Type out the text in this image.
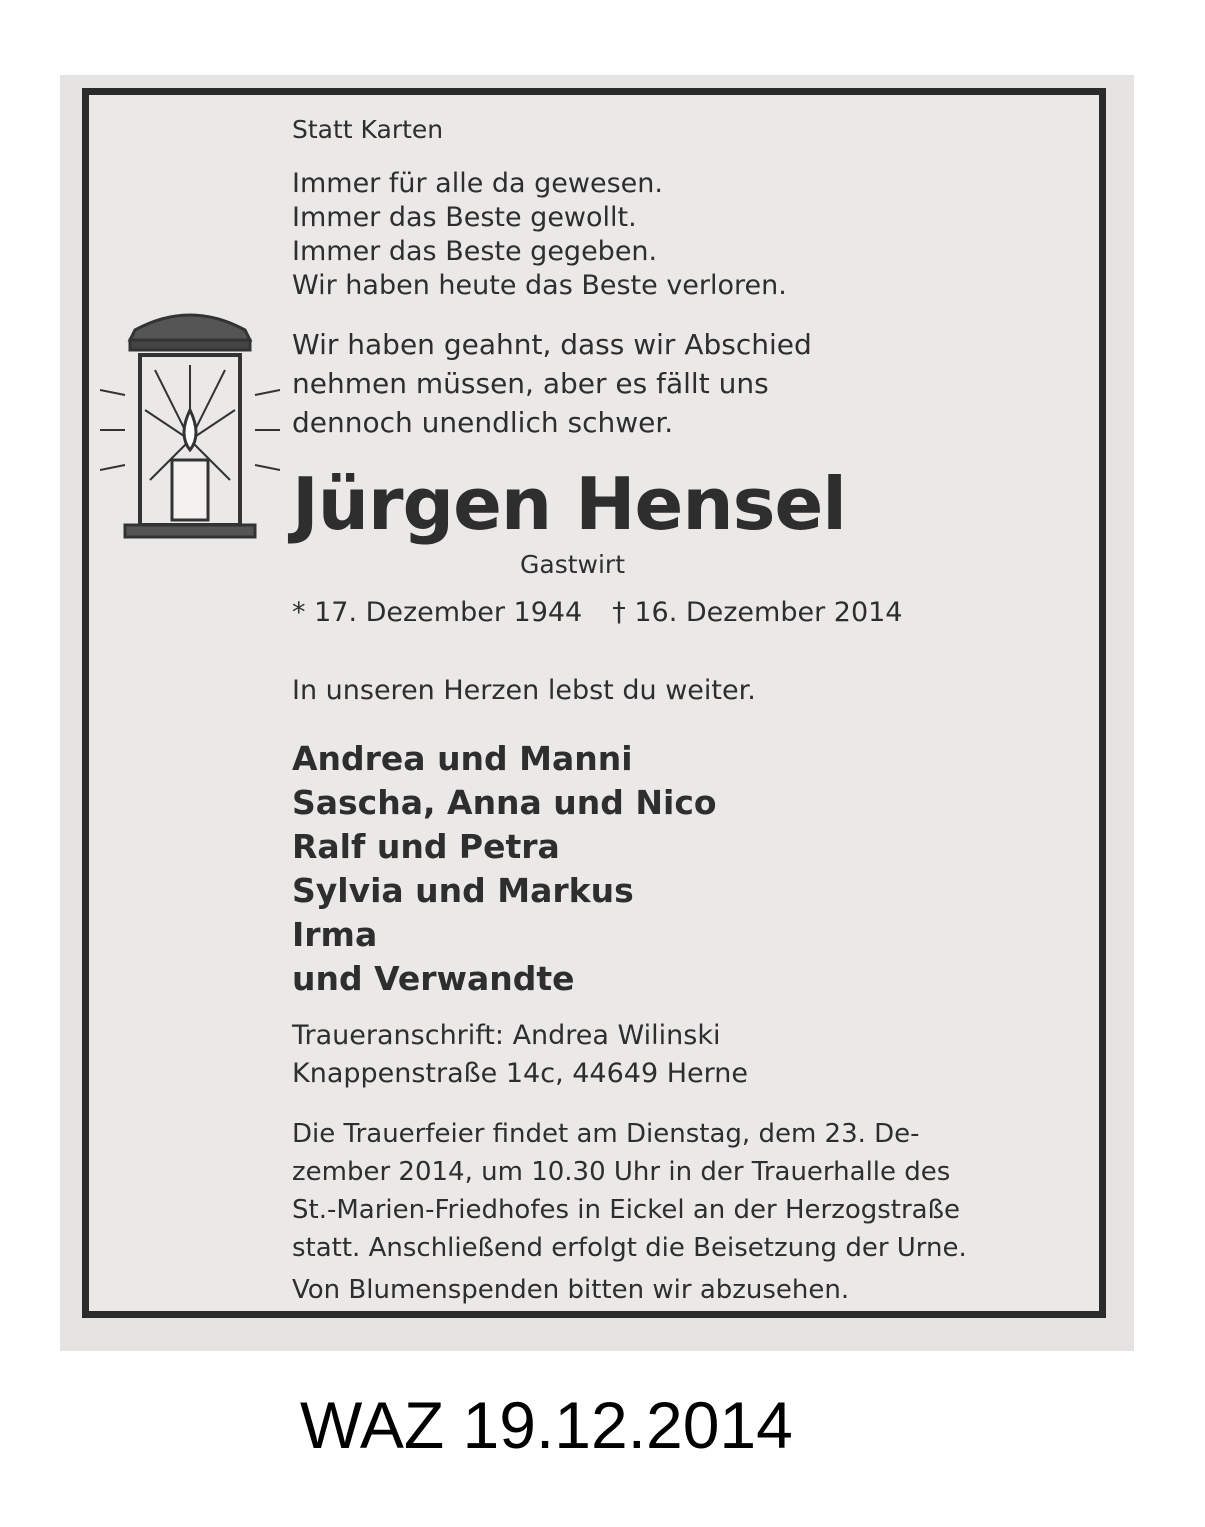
Statt Karten
Immer für alle da gewesen.
Immer das Beste gewollt.
Immer das Beste gegeben.
Wir haben heute das Beste verloren.
Wir haben geahnt, dass wir Abschied
nehmen müssen, aber es fällt uns
dennoch unendlich schwer.
Jürgen Hensel
Gastwirt
* 17. Dezember 1944 † 16. Dezember 2014
In unseren Herzen lebst du weiter.
Andrea und Manni
Sascha, Anna und Nico
Ralf und Petra
Sylvia und Markus
Irma
und Verwandte
Traueranschrift: Andrea Wilinski
Knappenstraße 14c, 44649 Herne
Die Trauerfeier findet am Dienstag, dem 23. De-
zember 2014, um 10.30 Uhr in der Trauerhalle des
St.-Marien-Friedhofes in Eickel an der Herzogstraße
statt. Anschließend erfolgt die Beisetzung der Urne.
Von Blumenspenden bitten wir abzusehen.
WAZ 19.12.2014
